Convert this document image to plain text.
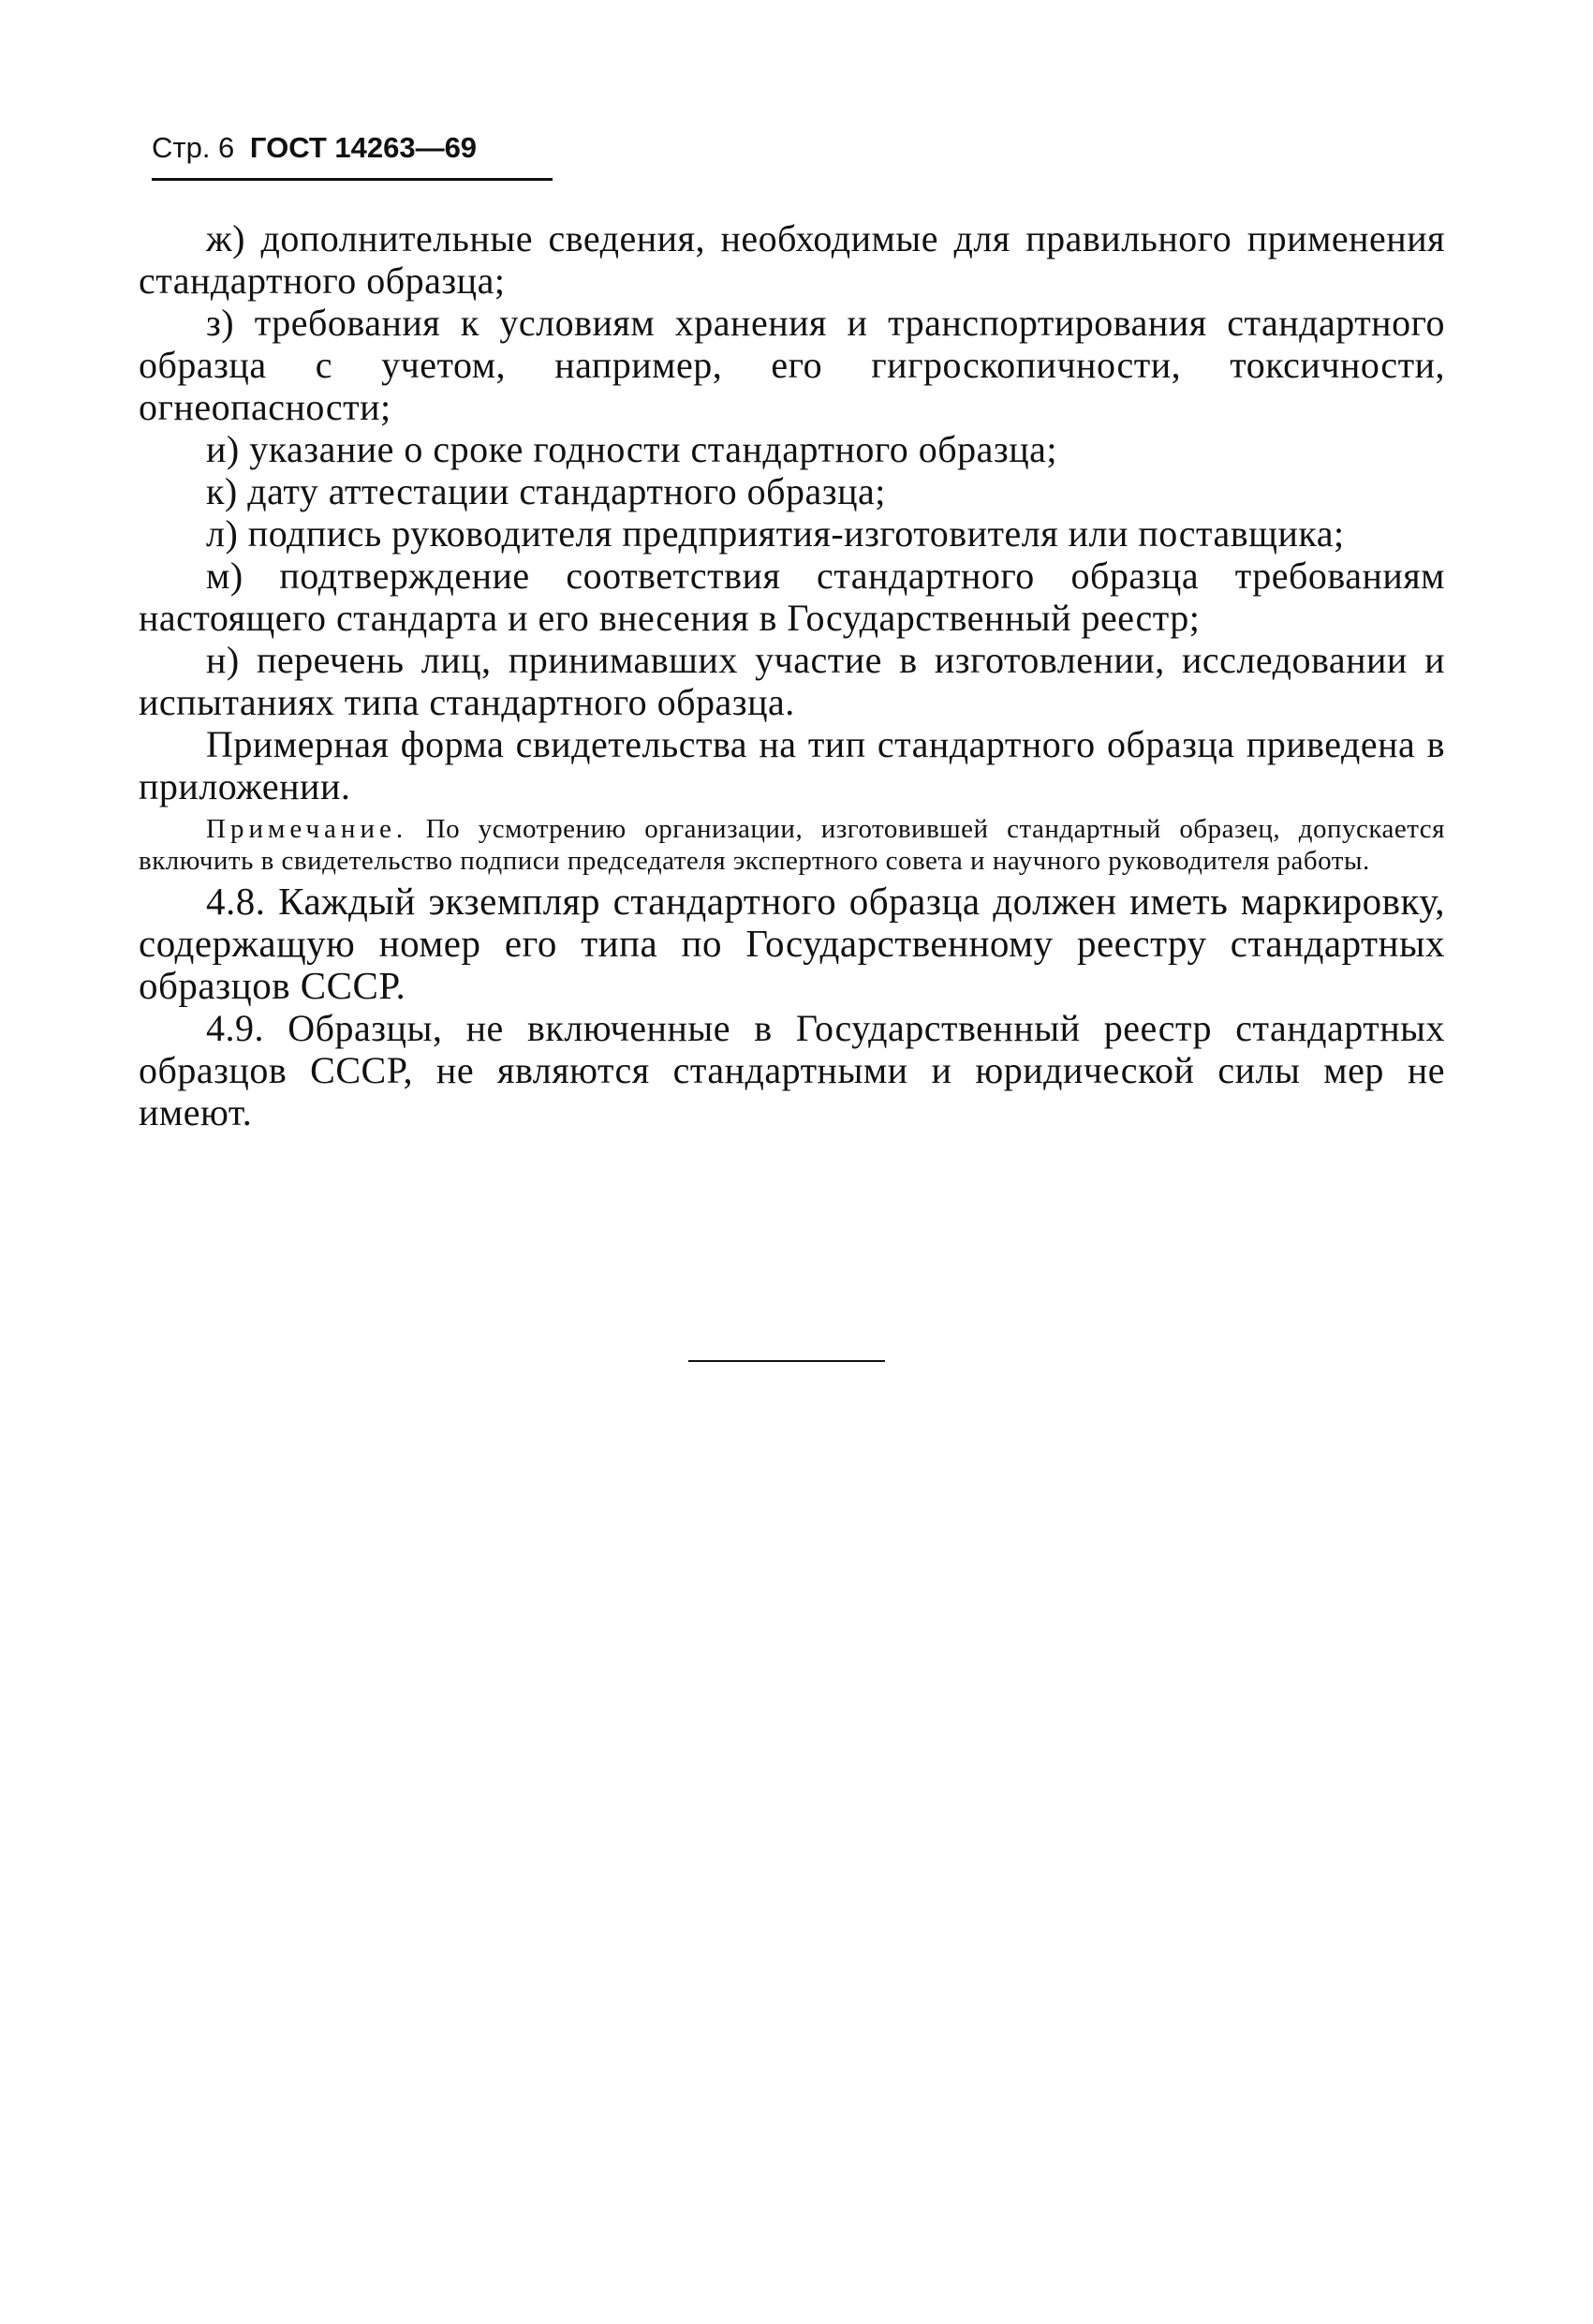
Стр. 6 ГОСТ 14263—69

ж) дополнительные сведения, необходимые для правильного применения стандартного образца;

з) требования к условиям хранения и транспортирования стандартного образца с учетом, например, его гигроскопичности, токсичности, огнеопасности;

и) указание о сроке годности стандартного образца;

к) дату аттестации стандартного образца;

л) подпись руководителя предприятия-изготовителя или поставщика;

м) подтверждение соответствия стандартного образца требованиям настоящего стандарта и его внесения в Государственный реестр;

н) перечень лиц, принимавших участие в изготовлении, исследовании и испытаниях типа стандартного образца.

Примерная форма свидетельства на тип стандартного образца приведена в приложении.

Примечание. По усмотрению организации, изготовившей стандартный образец, допускается включить в свидетельство подписи председателя экспертного совета и научного руководителя работы.

4.8. Каждый экземпляр стандартного образца должен иметь маркировку, содержащую номер его типа по Государственному реестру стандартных образцов СССР.

4.9. Образцы, не включенные в Государственный реестр стандартных образцов СССР, не являются стандартными и юридической силы мер не имеют.
